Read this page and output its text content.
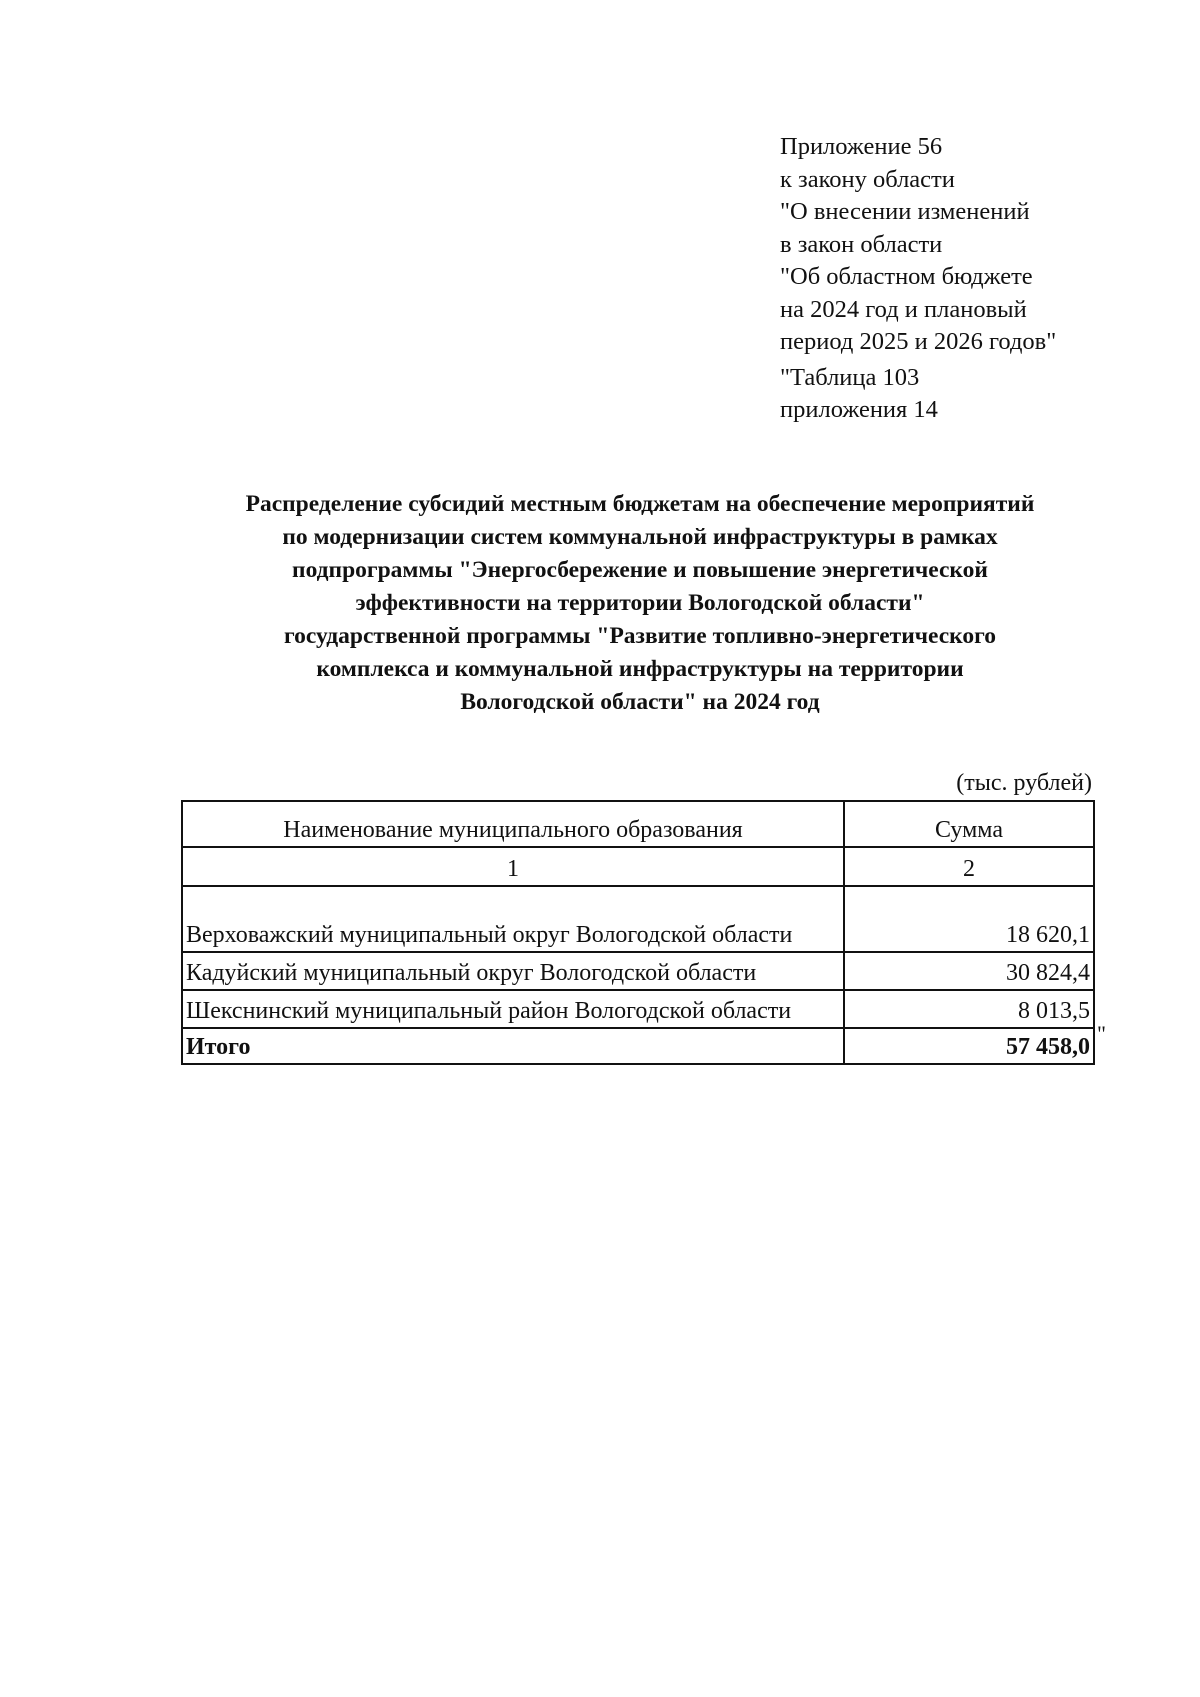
Приложение 56
к закону области
"О внесении изменений
в закон области
"Об областном бюджете
на 2024 год и плановый
период 2025 и 2026 годов"
"Таблица 103
приложения 14
Распределение субсидий местным бюджетам на обеспечение мероприятий
по модернизации систем коммунальной инфраструктуры в рамках
подпрограммы "Энергосбережение и повышение энергетической
эффективности на территории Вологодской области"
государственной программы "Развитие топливно-энергетического
комплекса и коммунальной инфраструктуры на территории
Вологодской области" на 2024 год
(тыс. рублей)
Наименование муниципального образования	Сумма
1	2
Верховажский муниципальный округ Вологодской области	18 620,1
Кадуйский муниципальный округ Вологодской области	30 824,4
Шекснинский муниципальный район Вологодской области	8 013,5
Итого	57 458,0
"
